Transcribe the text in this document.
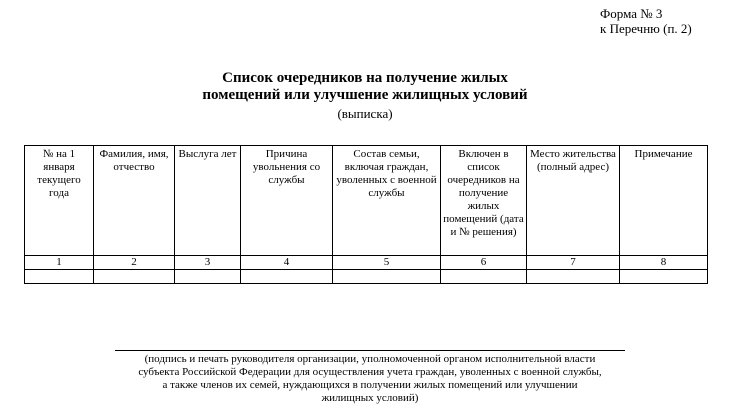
Форма № 3
к Перечню (п. 2)
Список очередников на получение жилых
помещений или улучшение жилищных условий
(выписка)
№ на 1 января текущего года	Фамилия, имя, отчество	Выслуга лет	Причина увольнения со службы	Состав семьи, включая граждан, уволенных с военной службы	Включен в список очередников на получение жилых помещений (дата и № решения)	Место жительства (полный адрес)	Примечание
1	2	3	4	5	6	7	8

(подпись и печать руководителя организации, уполномоченной органом исполнительной власти
субъекта Российской Федерации для осуществления учета граждан, уволенных с военной службы,
а также членов их семей, нуждающихся в получении жилых помещений или улучшении
жилищных условий)
